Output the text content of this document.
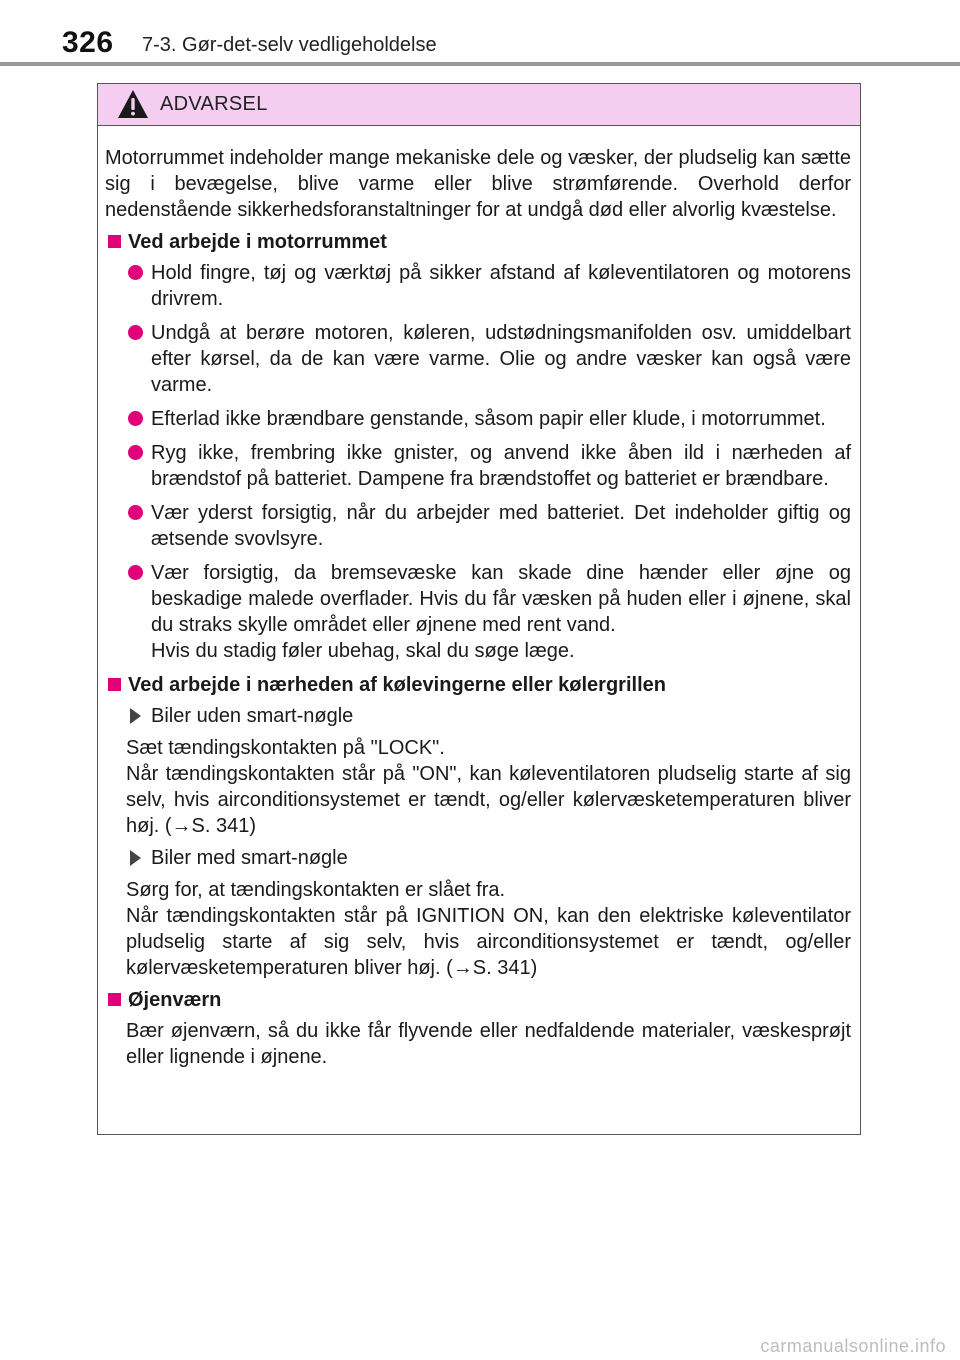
326 7-3. Gør-det-selv vedligeholdelse
ADVARSEL

Motorrummet indeholder mange mekaniske dele og væsker, der pludselig kan sætte sig i bevægelse, blive varme eller blive strømførende. Overhold derfor nedenstående sikkerhedsforanstaltninger for at undgå død eller alvorlig kvæstelse.

Ved arbejde i motorrummet
Hold fingre, tøj og værktøj på sikker afstand af køleventilatoren og motorens drivrem.
Undgå at berøre motoren, køleren, udstødningsmanifolden osv. umiddelbart efter kørsel, da de kan være varme. Olie og andre væsker kan også være varme.
Efterlad ikke brændbare genstande, såsom papir eller klude, i motorrummet.
Ryg ikke, frembring ikke gnister, og anvend ikke åben ild i nærheden af brændstof på batteriet. Dampene fra brændstoffet og batteriet er brændbare.
Vær yderst forsigtig, når du arbejder med batteriet. Det indeholder giftig og ætsende svovlsyre.
Vær forsigtig, da bremsevæske kan skade dine hænder eller øjne og beskadige malede overflader. Hvis du får væsken på huden eller i øjnene, skal du straks skylle området eller øjnene med rent vand.
Hvis du stadig føler ubehag, skal du søge læge.
Ved arbejde i nærheden af kølevingerne eller kølergrillen
Biler uden smart-nøgle
Sæt tændingskontakten på "LOCK".
Når tændingskontakten står på "ON", kan køleventilatoren pludselig starte af sig selv, hvis airconditionsystemet er tændt, og/eller kølervæsketemperaturen bliver høj. (→S. 341)
Biler med smart-nøgle
Sørg for, at tændingskontakten er slået fra.
Når tændingskontakten står på IGNITION ON, kan den elektriske køleventilator pludselig starte af sig selv, hvis airconditionsystemet er tændt, og/eller kølervæsketemperaturen bliver høj. (→S. 341)
Øjenværn
Bær øjenværn, så du ikke får flyvende eller nedfaldende materialer, væskesprøjt eller lignende i øjnene.
carmanualsonline.info
